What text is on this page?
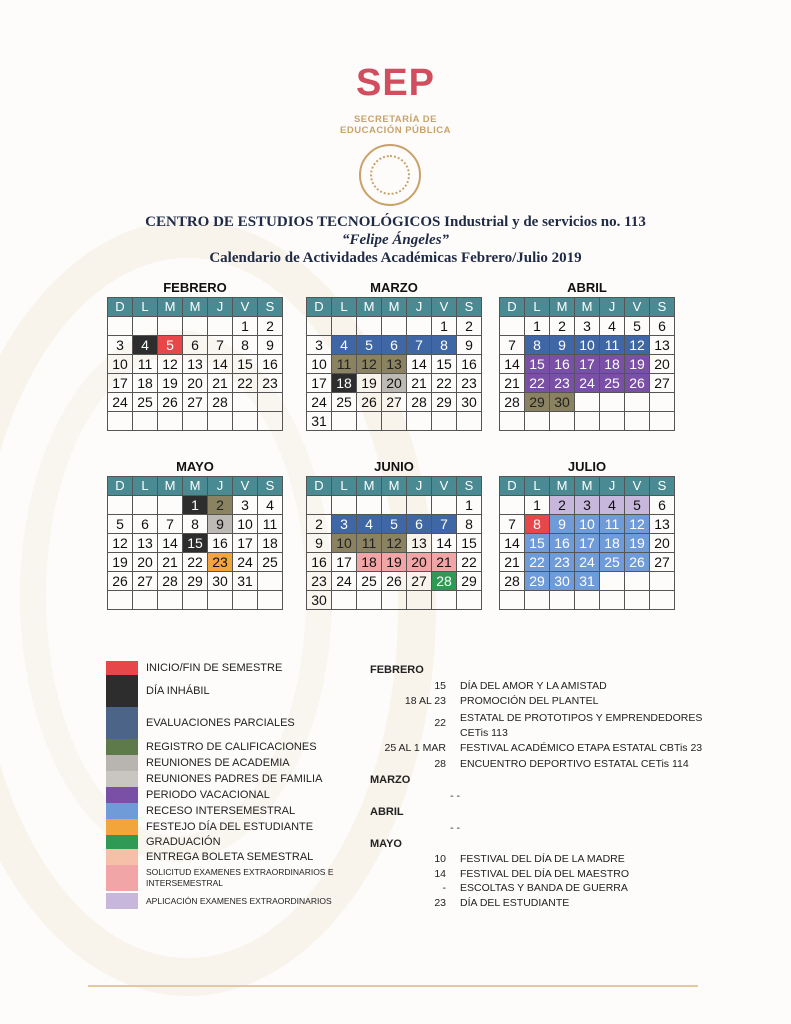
SEP
SECRETARÍA DE
EDUCACIÓN PÚBLICA
CENTRO DE ESTUDIOS TECNOLÓGICOS Industrial y de servicios no. 113
“Felipe Ángeles”
Calendario de Actividades Académicas Febrero/Julio 2019
FEBRERO
D	L	M	M	J	V	S
					1	2
3	4	5	6	7	8	9
10	11	12	13	14	15	16
17	18	19	20	21	22	23
24	25	26	27	28		

MARZO
D	L	M	M	J	V	S
					1	2
3	4	5	6	7	8	9
10	11	12	13	14	15	16
17	18	19	20	21	22	23
24	25	26	27	28	29	30
31						
ABRIL
D	L	M	M	J	V	S
	1	2	3	4	5	6
7	8	9	10	11	12	13
14	15	16	17	18	19	20
21	22	23	24	25	26	27
28	29	30				

MAYO
D	L	M	M	J	V	S
			1	2	3	4
5	6	7	8	9	10	11
12	13	14	15	16	17	18
19	20	21	22	23	24	25
26	27	28	29	30	31	

JUNIO
D	L	M	M	J	V	S
						1
2	3	4	5	6	7	8
9	10	11	12	13	14	15
16	17	18	19	20	21	22
23	24	25	26	27	28	29
30						
JULIO
D	L	M	M	J	V	S
	1	2	3	4	5	6
7	8	9	10	11	12	13
14	15	16	17	18	19	20
21	22	23	24	25	26	27
28	29	30	31			

INICIO/FIN DE SEMESTRE
DÍA INHÁBIL
EVALUACIONES PARCIALES
REGISTRO DE CALIFICACIONES
REUNIONES DE ACADEMIA
REUNIONES PADRES DE FAMILIA
PERIODO VACACIONAL
RECESO INTERSEMESTRAL
FESTEJO DÍA DEL ESTUDIANTE
GRADUACIÓN
ENTREGA BOLETA SEMESTRAL
SOLICITUD EXAMENES EXTRAORDINARIOS E
INTERSEMESTRAL
APLICACIÓN EXAMENES EXTRAORDINARIOS
FEBRERO
15 DÍA DEL AMOR Y LA AMISTAD
18 AL 23 PROMOCIÓN DEL PLANTEL
22 ESTATAL DE PROTOTIPOS Y EMPRENDEDORES
CETis 113
25 AL 1 MAR FESTIVAL ACADÉMICO ETAPA ESTATAL CBTis 23
28 ENCUENTRO DEPORTIVO ESTATAL CETis 114
MARZO
- -
ABRIL
- -
MAYO
10 FESTIVAL DEL DÍA DE LA MADRE
14 FESTIVAL DEL DÍA DEL MAESTRO
- ESCOLTAS Y BANDA DE GUERRA
23 DÍA DEL ESTUDIANTE
